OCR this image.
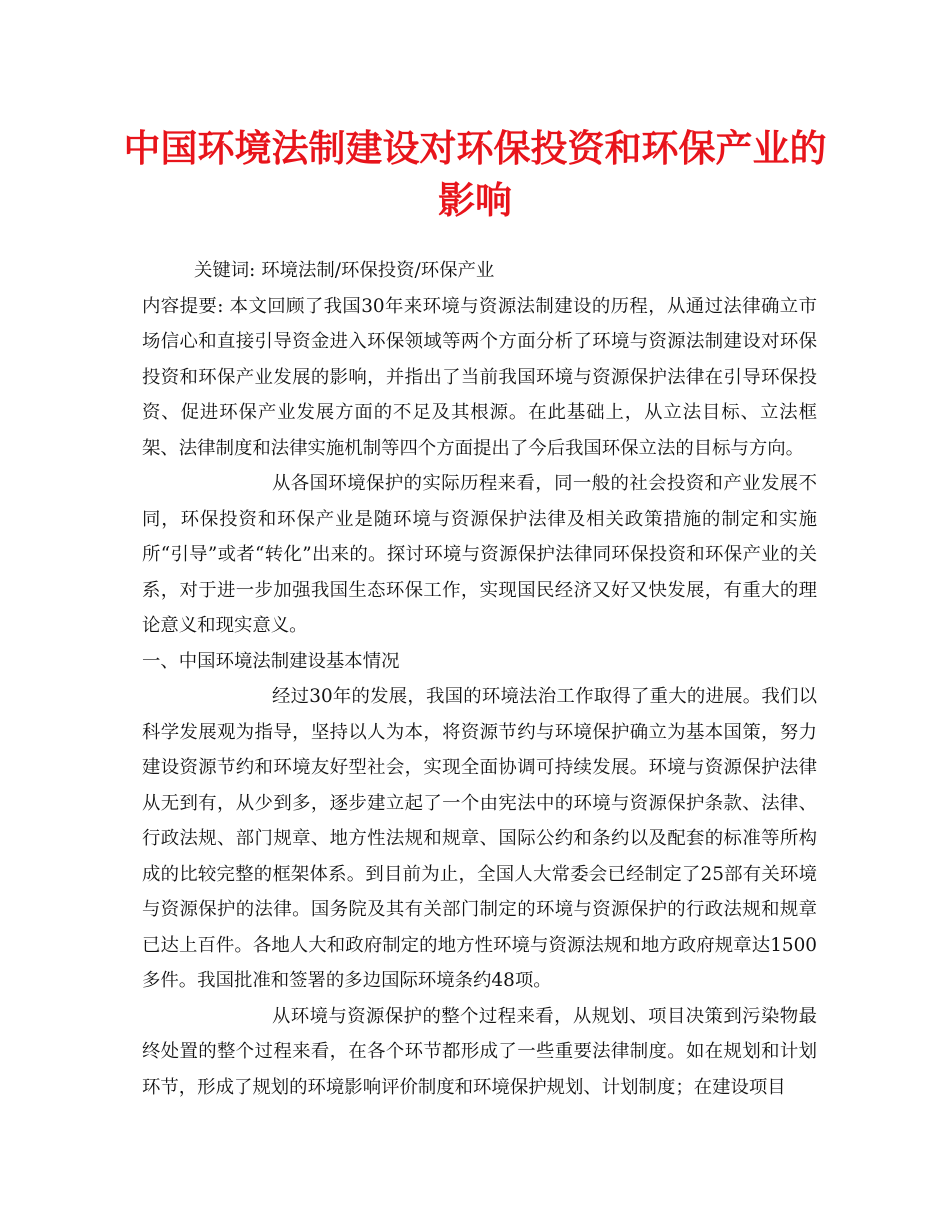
中国环境法制建设对环保投资和环保产业的影响

关键词: 环境法制/环保投资/环保产业

内容提要: 本文回顾了我国30年来环境与资源法制建设的历程，从通过法律确立市场信心和直接引导资金进入环保领域等两个方面分析了环境与资源法制建设对环保投资和环保产业发展的影响，并指出了当前我国环境与资源保护法律在引导环保投资、促进环保产业发展方面的不足及其根源。在此基础上，从立法目标、立法框架、法律制度和法律实施机制等四个方面提出了今后我国环保立法的目标与方向。

从各国环境保护的实际历程来看，同一般的社会投资和产业发展不同，环保投资和环保产业是随环境与资源保护法律及相关政策措施的制定和实施所“引导”或者“转化”出来的。探讨环境与资源保护法律同环保投资和环保产业的关系，对于进一步加强我国生态环保工作，实现国民经济又好又快发展，有重大的理论意义和现实意义。

一、中国环境法制建设基本情况

经过30年的发展，我国的环境法治工作取得了重大的进展。我们以科学发展观为指导，坚持以人为本，将资源节约与环境保护确立为基本国策，努力建设资源节约和环境友好型社会，实现全面协调可持续发展。环境与资源保护法律从无到有，从少到多，逐步建立起了一个由宪法中的环境与资源保护条款、法律、行政法规、部门规章、地方性法规和规章、国际公约和条约以及配套的标准等所构成的比较完整的框架体系。到目前为止，全国人大常委会已经制定了25部有关环境与资源保护的法律。国务院及其有关部门制定的环境与资源保护的行政法规和规章已达上百件。各地人大和政府制定的地方性环境与资源法规和地方政府规章达1500多件。我国批准和签署的多边国际环境条约48项。

从环境与资源保护的整个过程来看，从规划、项目决策到污染物最终处置的整个过程来看，在各个环节都形成了一些重要法律制度。如在规划和计划环节，形成了规划的环境影响评价制度和环境保护规划、计划制度；在建设项目
